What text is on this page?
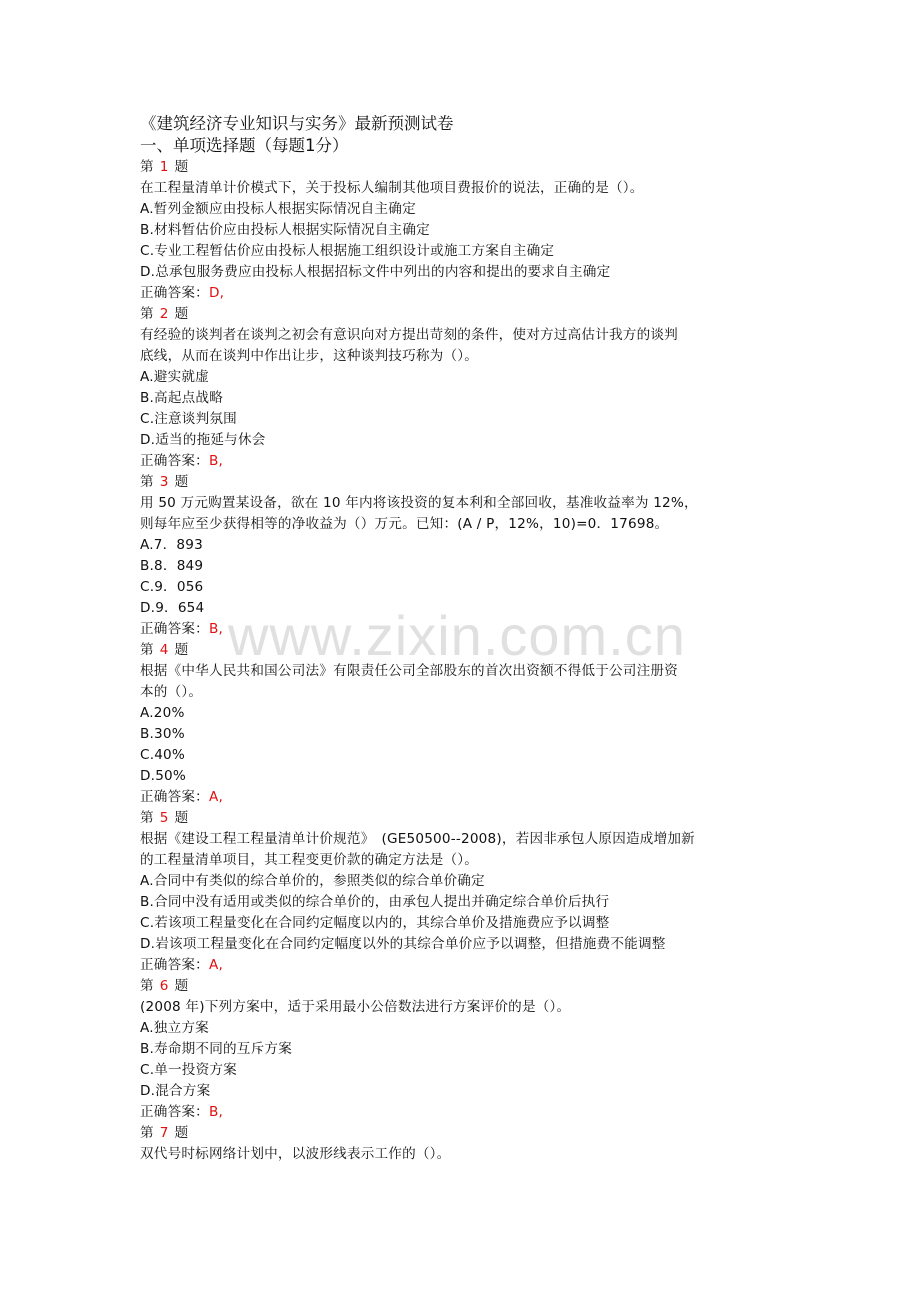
www.zixin.com.cn
《建筑经济专业知识与实务》最新预测试卷
一、单项选择题（每题1分）
第 1 题
在工程量清单计价模式下，关于投标人编制其他项目费报价的说法，正确的是（）。
A.暂列金额应由投标人根据实际情况自主确定
B.材料暂估价应由投标人根据实际情况自主确定
C.专业工程暂估价应由投标人根据施工组织设计或施工方案自主确定
D.总承包服务费应由投标人根据招标文件中列出的内容和提出的要求自主确定
正确答案：D,
第 2 题
有经验的谈判者在谈判之初会有意识向对方提出苛刻的条件，使对方过高估计我方的谈判
底线，从而在谈判中作出让步，这种谈判技巧称为（）。
A.避实就虚
B.高起点战略
C.注意谈判氛围
D.适当的拖延与休会
正确答案：B,
第 3 题
用 50 万元购置某设备，欲在 10 年内将该投资的复本利和全部回收，基准收益率为 12%，
则每年应至少获得相等的净收益为（）万元。已知：(A / P，12%，10)=0．17698。
A.7．893
B.8．849
C.9．056
D.9．654
正确答案：B,
第 4 题
根据《中华人民共和国公司法》有限责任公司全部股东的首次出资额不得低于公司注册资
本的（）。
A.20%
B.30%
C.40%
D.50%
正确答案：A,
第 5 题
根据《建设工程工程量清单计价规范》　(GE50500--2008)，若因非承包人原因造成增加新
的工程量清单项目，其工程变更价款的确定方法是（）。
A.合同中有类似的综合单价的，参照类似的综合单价确定
B.合同中没有适用或类似的综合单价的，由承包人提出并确定综合单价后执行
C.若该项工程量变化在合同约定幅度以内的，其综合单价及措施费应予以调整
D.岩该项工程量变化在合同约定幅度以外的其综合单价应予以调整，但措施费不能调整
正确答案：A,
第 6 题
(2008 年)下列方案中，适于采用最小公倍数法进行方案评价的是（）。
A.独立方案
B.寿命期不同的互斥方案
C.单一投资方案
D.混合方案
正确答案：B,
第 7 题
双代号时标网络计划中，以波形线表示工作的（）。
